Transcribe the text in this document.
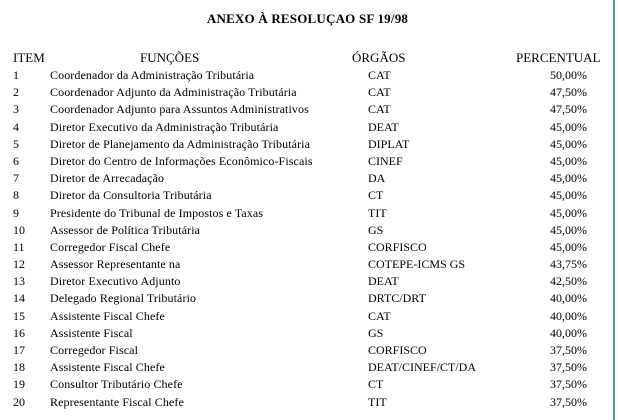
ANEXO À RESOLUÇAO SF 19/98
ITEM	FUNÇÕES	ÓRGÃOS	PERCENTUAL
1	Coordenador da Administração Tributária	CAT	50,00%
2	Coordenador Adjunto da Administração Tributária	CAT	47,50%
3	Coordenador Adjunto para Assuntos Administrativos	CAT	47,50%
4	Diretor Executivo da Administração Tributária	DEAT	45,00%
5	Diretor de Planejamento da Administração Tributária	DIPLAT	45,00%
6	Diretor do Centro de Informações Econômico-Fiscais	CINEF	45,00%
7	Diretor de Arrecadação	DA	45,00%
8	Diretor da Consultoria Tributária	CT	45,00%
9	Presidente do Tribunal de Impostos e Taxas	TIT	45,00%
10 Assessor de Política Tributária	GS	45,00%
11 Corregedor Fiscal Chefe	CORFISCO	45,00%
12 Assessor Representante na	COTEPE-ICMS GS	43,75%
13 Diretor Executivo Adjunto	DEAT	42,50%
14 Delegado Regional Tributário	DRTC/DRT	40,00%
15 Assistente Fiscal Chefe	CAT	40,00%
16 Assistente Fiscal	GS	40,00%
17 Corregedor Fiscal	CORFISCO	37,50%
18 Assistente Fiscal Chefe	DEAT/CINEF/CT/DA	37,50%
19 Consultor Tributário Chefe	CT	37,50%
20 Representante Fiscal Chefe	TIT	37,50%
